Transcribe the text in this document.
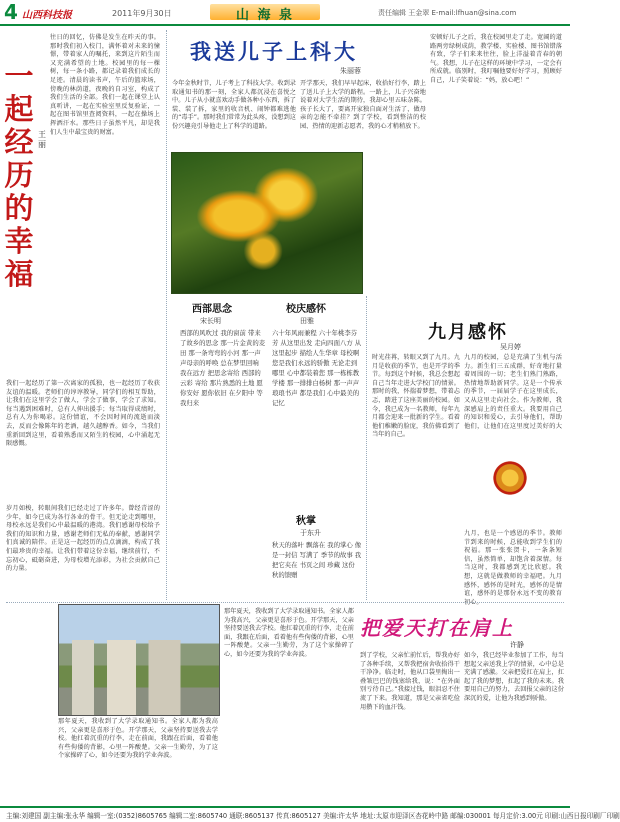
4 山西科技报	2011年9月30日	山 海 泉	责任编辑 王金翠 E-mail:lfhuan@sina.com
一起经历的幸福
王丽
往日的回忆，仿佛是发生在昨天的事。那时我们初入校门，满怀着对未来的憧憬，带着家人的嘱托，来到这片陌生而又充满希望的土地。校园里的每一棵树，每一条小路，都记录着我们成长的足迹。清晨的读书声，午后的篮球场，傍晚的林荫道，夜晚的自习室，构成了我们生活的全部。我们一起在课堂上认真听讲，一起在实验室里反复验证，一起在图书馆里查阅资料，一起在操场上挥洒汗水。那些日子虽然平凡，却是我们人生中最宝贵的财富。
我们一起经历了第一次离家的孤独，也一起经历了收获友谊的温暖。老师们的谆谆教导，同学们的相互帮助，让我们在这里学会了做人，学会了做事，学会了求知。每当遇到困难时，总有人伸出援手；每当取得成绩时，总有人为你喝彩。这份情谊，不会因时间的流逝而淡去，反而会像陈年的老酒，越久越醇香。如今，当我们重新回到这里，看着熟悉而又陌生的校园，心中涌起无限感慨。
岁月如梭，转眼间我们已经走过了许多年。曾经青涩的少年，如今已成为各行各业的骨干。但无论走到哪里，母校永远是我们心中最温暖的港湾。我们感谢母校给予我们的知识和力量，感谢老师们无私的奉献，感谢同学们真诚的陪伴。正是这一起经历的点点滴滴，构成了我们最珍贵的幸福。让我们带着这份幸福，继续前行，不忘初心，砥砺奋进，为母校增光添彩，为社会贡献自己的力量。
我送儿子上科大
朱丽蓉
今年金秋时节，儿子考上了科技大学。收到录取通知书的那一刻，全家人都沉浸在喜悦之中。儿子从小就喜欢动手做各种小东西，拆了装、装了拆，家里的收音机、闹钟都难逃他的“毒手”。那时我们常常为此头疼，没想到这份兴趣竟引导他走上了科学的道路。
开学那天，我们早早起床，收拾好行李，踏上了送儿子上大学的路程。一路上，儿子兴奋地说着对大学生活的期待，我却心里五味杂陈。孩子长大了，要离开家独自面对生活了，做母亲的怎能不牵挂？到了学校，看到整洁的校园、热情的迎新志愿者，我的心才稍稍放下。
安顿好儿子之后，我在校园里走了走。宽阔的道路两旁绿树成荫，教学楼、实验楼、图书馆错落有致，学子们来来往往，脸上洋溢着青春的朝气。我想，儿子在这样的环境中学习，一定会有所成就。临别时，我叮嘱他要好好学习，照顾好自己，儿子笑着说：“妈，放心吧！”
西部思念
宋长明
西部的风吹过 我的窗前 带来了故乡的思念 那一片金黄的麦田 那一条弯弯的小河 那一声声母亲的呼唤 总在梦里回响 我在远方 把思念寄给 西部的云彩 寄给 那片熟悉的土地 愿你安好 愿你依旧 在夕阳中 等我归来
校庆感怀
田雅
六十年风雨兼程 六十年桃李芬芳 从这里出发 走向四面八方 从这里起步 描绘人生华章 母校啊 您是我们永远的骄傲 无论走到哪里 心中都装着您 那一栋栋教学楼 那一排排白杨树 那一声声琅琅书声 都是我们 心中最美的记忆
秋掌
于东升
秋天的落叶 飘落在 我的掌心 像是一封信 写满了 季节的故事 我把它夹在 书页之间 珍藏 这份 秋的馈赠
九月感怀
吴月婷
时光荏苒，转眼又到了九月。九月是收获的季节，也是开学的季节。每到这个时候，我总会想起自己当年走进大学校门的情景。那时的我，怀揣着梦想，带着忐忑，踏进了这座美丽的校园。如今，我已成为一名教师，每年九月都会迎来一批新的学生。看着他们稚嫩的脸庞，我仿佛看到了当年的自己。
九月的校园，总是充满了生机与活力。新生们三五成群，好奇地打量着周围的一切；老生们熟门熟路，热情地帮助新同学。这是一个传承的季节，一届届学子在这里成长，又从这里走向社会。作为教师，我深感肩上的责任重大。我要用自己的知识和爱心，去引导他们，帮助他们，让他们在这里度过美好的大
九月，也是一个感恩的季节。教师节到来的时候，总能收到学生们的祝福。那一张张贺卡，一条条短信，虽然简单，却饱含着深情。每当这时，我都感到无比欣慰。我想，这就是做教师的幸福吧。九月感怀，感怀的是时光，感怀的是情谊，感怀的是那份永远不变的教育初心。
把爱天打在肩上
许静
那年夏天，我收到了大学录取通知书。全家人都为我高兴，父亲更是喜形于色。开学那天，父亲坚持要送我去学校。他扛着沉重的行李，走在前面，我跟在后面，看着他有些佝偻的背影，心里一阵酸楚。父亲一生勤劳，为了这个家操碎了心，如今还要为我的学业奔波。	到了学校，父亲忙前忙后，帮我办好了各种手续，又帮我把宿舍收拾得干干净净。临走时，他从口袋里掏出一叠皱巴巴的钱塞给我，说：“在外面别亏待自己。”我接过钱，眼泪忍不住流了下来。我知道，那是父亲省吃俭用攒下的血汗钱。
如今，我已经毕业参加了工作，每当想起父亲送我上学的情景，心中总是充满了感激。父亲把爱扛在肩上，扛起了我的梦想，扛起了我的未来。我要用自己的努力，去回报父亲的这份深沉的爱，让他为我感到骄傲。
那年夏天，我收到了大学录取通知书。全家人都为我高兴，父亲更是喜形于色。开学那天，父亲坚持要送我去学校。他扛着沉重的行李，走在前面，我跟在后面，看着他有些佝偻的背影，心里一阵酸楚。父亲一生勤劳，为了这个家操碎了心，如今还要为我的学业奔波。
主编:刘建国 副主编:张永华 编辑一室:(0352)8605765 编辑二室:8605740 通联:8605137 传真:8605127 美编:许太华 地址:太原市迎泽区杏花岭中路 邮编:030001 每月定价:3.00元 印刷:山西日报印刷厂印刷
